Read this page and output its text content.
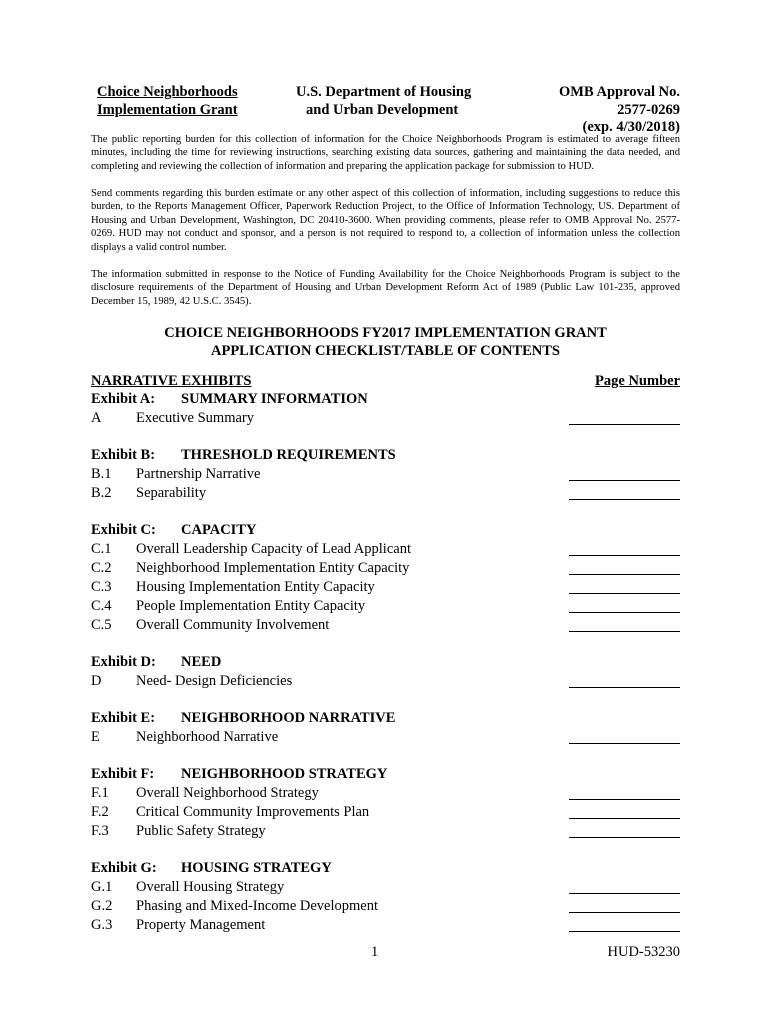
Choice Neighborhoods
Implementation Grant
U.S. Department of Housing
and Urban Development
OMB Approval No.
2577-0269
(exp. 4/30/2018)

The public reporting burden for this collection of information for the Choice Neighborhoods Program is estimated to average fifteen minutes, including the time for reviewing instructions, searching existing data sources, gathering and maintaining the data needed, and completing and reviewing the collection of information and preparing the application package for submission to HUD.

Send comments regarding this burden estimate or any other aspect of this collection of information, including suggestions to reduce this burden, to the Reports Management Officer, Paperwork Reduction Project, to the Office of Information Technology, US. Department of Housing and Urban Development, Washington, DC 20410-3600. When providing comments, please refer to OMB Approval No. 2577-0269. HUD may not conduct and sponsor, and a person is not required to respond to, a collection of information unless the collection displays a valid control number.

The information submitted in response to the Notice of Funding Availability for the Choice Neighborhoods Program is subject to the disclosure requirements of the Department of Housing and Urban Development Reform Act of 1989 (Public Law 101-235, approved December 15, 1989, 42 U.S.C. 3545).

CHOICE NEIGHBORHOODS FY2017 IMPLEMENTATION GRANT
APPLICATION CHECKLIST/TABLE OF CONTENTS
NARRATIVE EXHIBITS	Page Number
Exhibit A: SUMMARY INFORMATION
A Executive Summary
Exhibit B: THRESHOLD REQUIREMENTS
B.1 Partnership Narrative
B.2 Separability
Exhibit C: CAPACITY
C.1 Overall Leadership Capacity of Lead Applicant
C.2 Neighborhood Implementation Entity Capacity
C.3 Housing Implementation Entity Capacity
C.4 People Implementation Entity Capacity
C.5 Overall Community Involvement
Exhibit D: NEED
D Need- Design Deficiencies
Exhibit E: NEIGHBORHOOD NARRATIVE
E Neighborhood Narrative
Exhibit F: NEIGHBORHOOD STRATEGY
F.1 Overall Neighborhood Strategy
F.2 Critical Community Improvements Plan
F.3 Public Safety Strategy
Exhibit G: HOUSING STRATEGY
G.1 Overall Housing Strategy
G.2 Phasing and Mixed-Income Development
G.3 Property Management
1	HUD-53230
